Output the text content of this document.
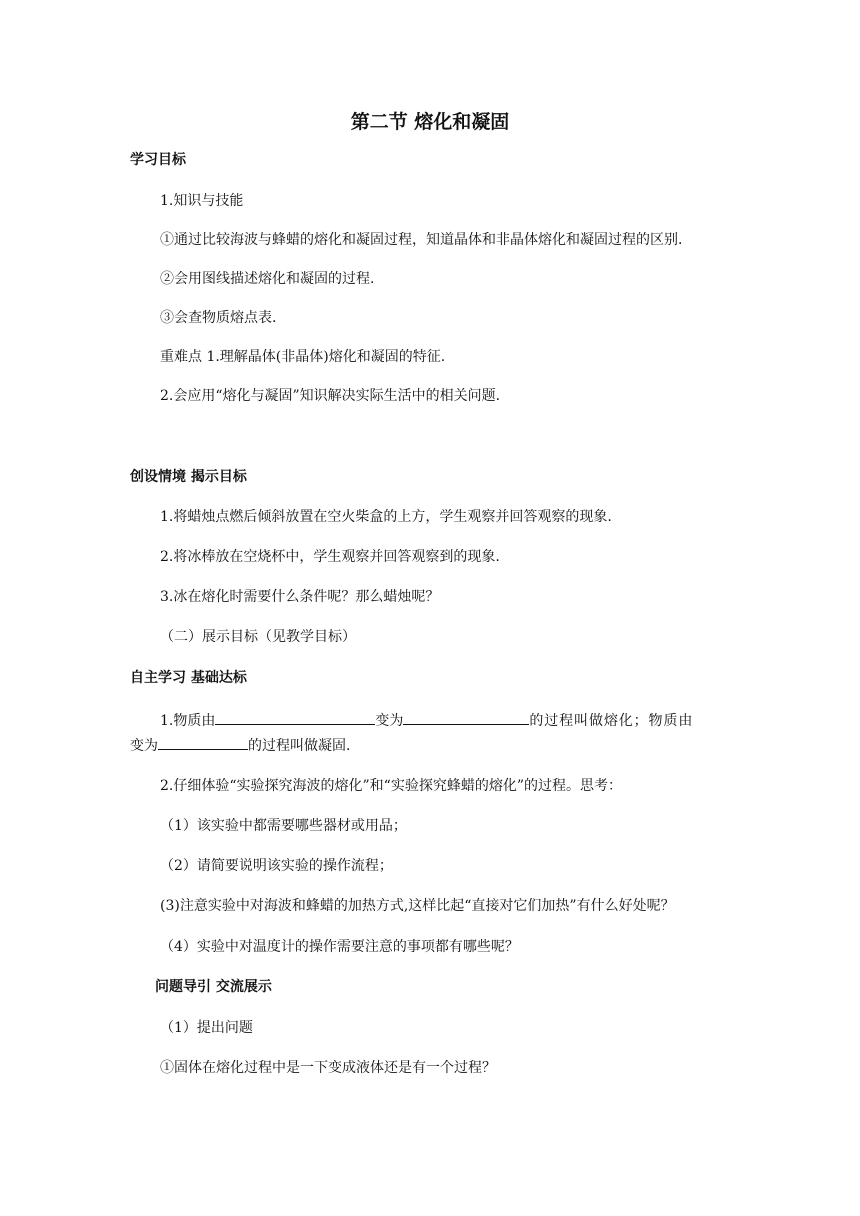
第二节 熔化和凝固
学习目标
1.知识与技能
①通过比较海波与蜂蜡的熔化和凝固过程，知道晶体和非晶体熔化和凝固过程的区别.
②会用图线描述熔化和凝固的过程.
③会查物质熔点表.
重难点 1.理解晶体(非晶体)熔化和凝固的特征.
2.会应用“熔化与凝固”知识解决实际生活中的相关问题.
创设情境 揭示目标
1.将蜡烛点燃后倾斜放置在空火柴盒的上方，学生观察并回答观察的现象.
2.将冰棒放在空烧杯中，学生观察并回答观察到的现象.
3.冰在熔化时需要什么条件呢？那么蜡烛呢？
（二）展示目标（见教学目标）
自主学习 基础达标
1.物质由	变为	的过程叫做熔化；物质由
变为	的过程叫做凝固.
2.仔细体验“实验探究海波的熔化”和“实验探究蜂蜡的熔化”的过程。思考：
（1）该实验中都需要哪些器材或用品；
（2）请简要说明该实验的操作流程；
(3)注意实验中对海波和蜂蜡的加热方式,这样比起“直接对它们加热”有什么好处呢？
（4）实验中对温度计的操作需要注意的事项都有哪些呢？
问题导引 交流展示
（1）提出问题
①固体在熔化过程中是一下变成液体还是有一个过程？
